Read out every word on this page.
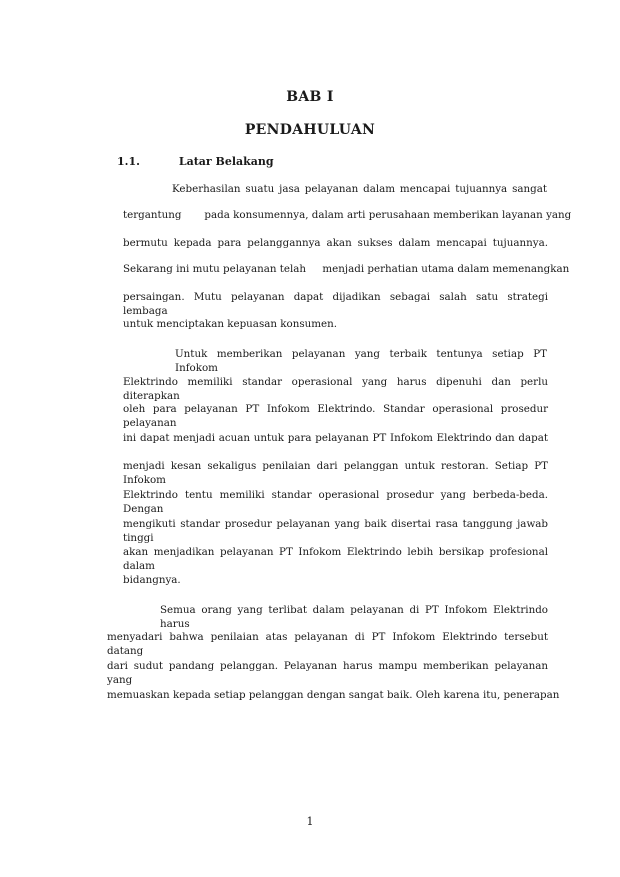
BAB I
PENDAHULUAN
1.1.	Latar Belakang
Keberhasilan suatu jasa pelayanan dalam mencapai tujuannya sangat
tergantung       pada konsumennya, dalam arti perusahaan memberikan layanan yang
bermutu kepada para pelanggannya akan sukses dalam mencapai tujuannya.
Sekarang ini mutu pelayanan telah     menjadi perhatian utama dalam memenangkan
persaingan. Mutu pelayanan dapat dijadikan sebagai salah satu strategi lembaga
untuk menciptakan kepuasan konsumen.
Untuk memberikan pelayanan yang terbaik tentunya setiap PT Infokom
Elektrindo memiliki standar operasional yang harus dipenuhi dan perlu diterapkan
oleh para pelayanan PT Infokom Elektrindo. Standar operasional prosedur pelayanan
ini dapat menjadi acuan untuk para pelayanan PT Infokom Elektrindo dan dapat
menjadi kesan sekaligus penilaian dari pelanggan untuk restoran. Setiap PT Infokom
Elektrindo tentu memiliki standar operasional prosedur yang berbeda-beda. Dengan
mengikuti standar prosedur pelayanan yang baik disertai rasa tanggung jawab tinggi
akan menjadikan pelayanan PT Infokom Elektrindo lebih bersikap profesional dalam
bidangnya.
Semua orang yang terlibat dalam pelayanan di PT Infokom Elektrindo harus
menyadari bahwa penilaian atas pelayanan di PT Infokom Elektrindo tersebut datang
dari sudut pandang pelanggan. Pelayanan harus mampu memberikan pelayanan yang
memuaskan kepada setiap pelanggan dengan sangat baik. Oleh karena itu, penerapan
1
